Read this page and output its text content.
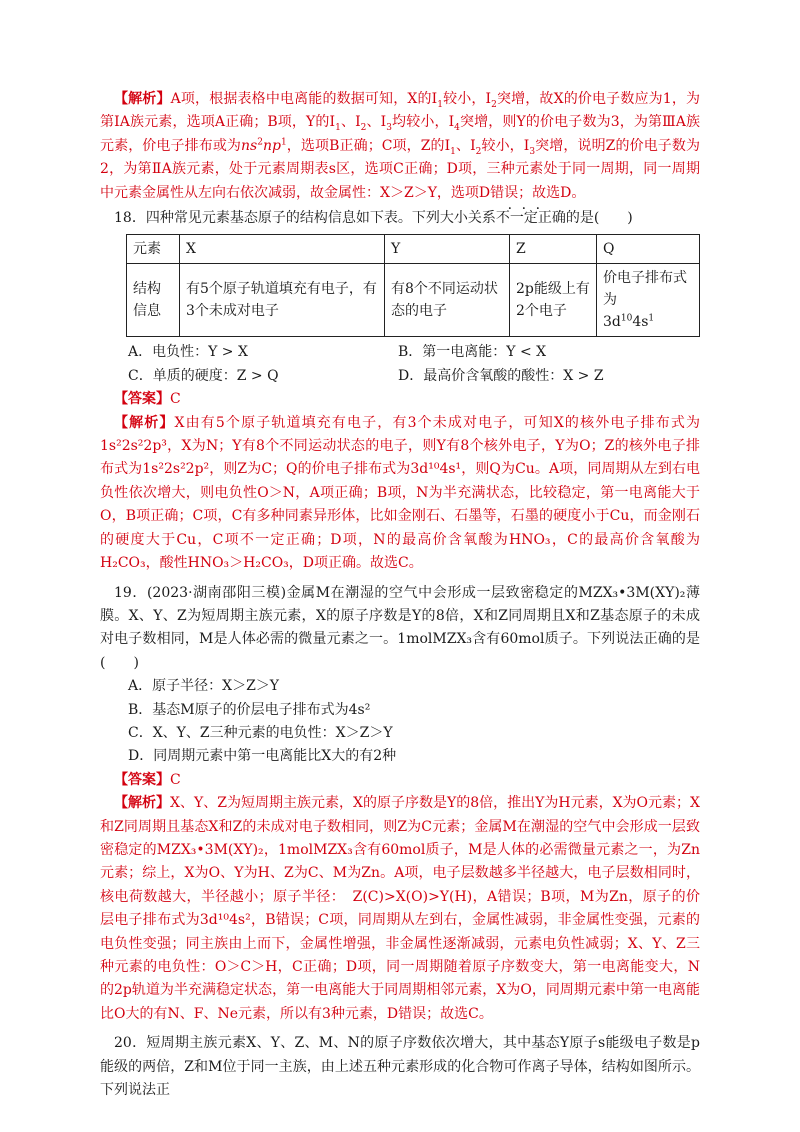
【解析】A项，根据表格中电离能的数据可知，X的$I_1$较小，$I_2$突增，故X的价电子数应为1，为第ⅠA族元素，选项A正确；B项，Y的$I_1$、$I_2$、$I_3$均较小，$I_4$突增，则Y的价电子数为3，为第ⅢA族元素，价电子排布或为$ns^2np^1$，选项B正确；C项，Z的$I_1$、$I_2$较小，$I_3$突增，说明Z的价电子数为2，为第ⅡA族元素，处于元素周期表s区，选项C正确；D项，三种元素处于同一周期，同一周期中元素金属性从左向右依次减弱，故金属性：X＞Z＞Y，选项D错误；故选D。

18．四种常见元素基态原子的结构信息如下表。下列大小关系不一定正确的是(　　)

元素	X	Y	Z	Q
结构信息	有5个原子轨道填充有电子，有3个未成对电子	有8个不同运动状态的电子	2p能级上有2个电子	价电子排布式为
$3d^{10}4s^1$
A．电负性：Y > X	B．第一电离能：Y < X
C．单质的硬度：Z > Q	D．最高价含氧酸的酸性：X > Z

【答案】C

【解析】X由有5个原子轨道填充有电子，有3个未成对电子，可知X的核外电子排布式为1s²2s²2p³，X为N；Y有8个不同运动状态的电子，则Y有8个核外电子，Y为O；Z的核外电子排布式为1s²2s²2p²，则Z为C；Q的价电子排布式为3d¹⁰4s¹，则Q为Cu。A项，同周期从左到右电负性依次增大，则电负性O＞N，A项正确；B项，N为半充满状态，比较稳定，第一电离能大于O，B项正确；C项，C有多种同素异形体，比如金刚石、石墨等，石墨的硬度小于Cu，而金刚石的硬度大于Cu，C项不一定正确；D项，N的最高价含氧酸为HNO₃，C的最高价含氧酸为H₂CO₃，酸性HNO₃＞H₂CO₃，D项正确。故选C。

19．(2023·湖南邵阳三模)金属M在潮湿的空气中会形成一层致密稳定的MZX₃•3M(XY)₂薄膜。X、Y、Z为短周期主族元素，X的原子序数是Y的8倍，X和Z同周期且X和Z基态原子的未成对电子数相同，M是人体必需的微量元素之一。1molMZX₃含有60mol质子。下列说法正确的是(　　)

A．原子半径：X＞Z＞Y
B．基态M原子的价层电子排布式为4s²
C．X、Y、Z三种元素的电负性：X＞Z＞Y
D．同周期元素中第一电离能比X大的有2种

【答案】C

【解析】X、Y、Z为短周期主族元素，X的原子序数是Y的8倍，推出Y为H元素，X为O元素；X和Z同周期且基态X和Z的未成对电子数相同，则Z为C元素；金属M在潮湿的空气中会形成一层致密稳定的MZX₃•3M(XY)₂，1molMZX₃含有60mol质子，M是人体的必需微量元素之一，为Zn元素；综上，X为O、Y为H、Z为C、M为Zn。A项，电子层数越多半径越大，电子层数相同时，核电荷数越大，半径越小；原子半径：　Z(C)>X(O)>Y(H)，A错误；B项，M为Zn，原子的价层电子排布式为3d¹⁰4s²，B错误；C项，同周期从左到右，金属性减弱，非金属性变强，元素的电负性变强；同主族由上而下，金属性增强，非金属性逐渐减弱，元素电负性减弱；X、Y、Z三种元素的电负性：O＞C＞H，C正确；D项，同一周期随着原子序数变大，第一电离能变大，N的2p轨道为半充满稳定状态，第一电离能大于同周期相邻元素，X为O，同周期元素中第一电离能比O大的有N、F、Ne元素，所以有3种元素，D错误；故选C。

20．短周期主族元素X、Y、Z、M、N的原子序数依次增大，其中基态Y原子s能级电子数是p能级的两倍，Z和M位于同一主族，由上述五种元素形成的化合物可作离子导体，结构如图所示。下列说法正
